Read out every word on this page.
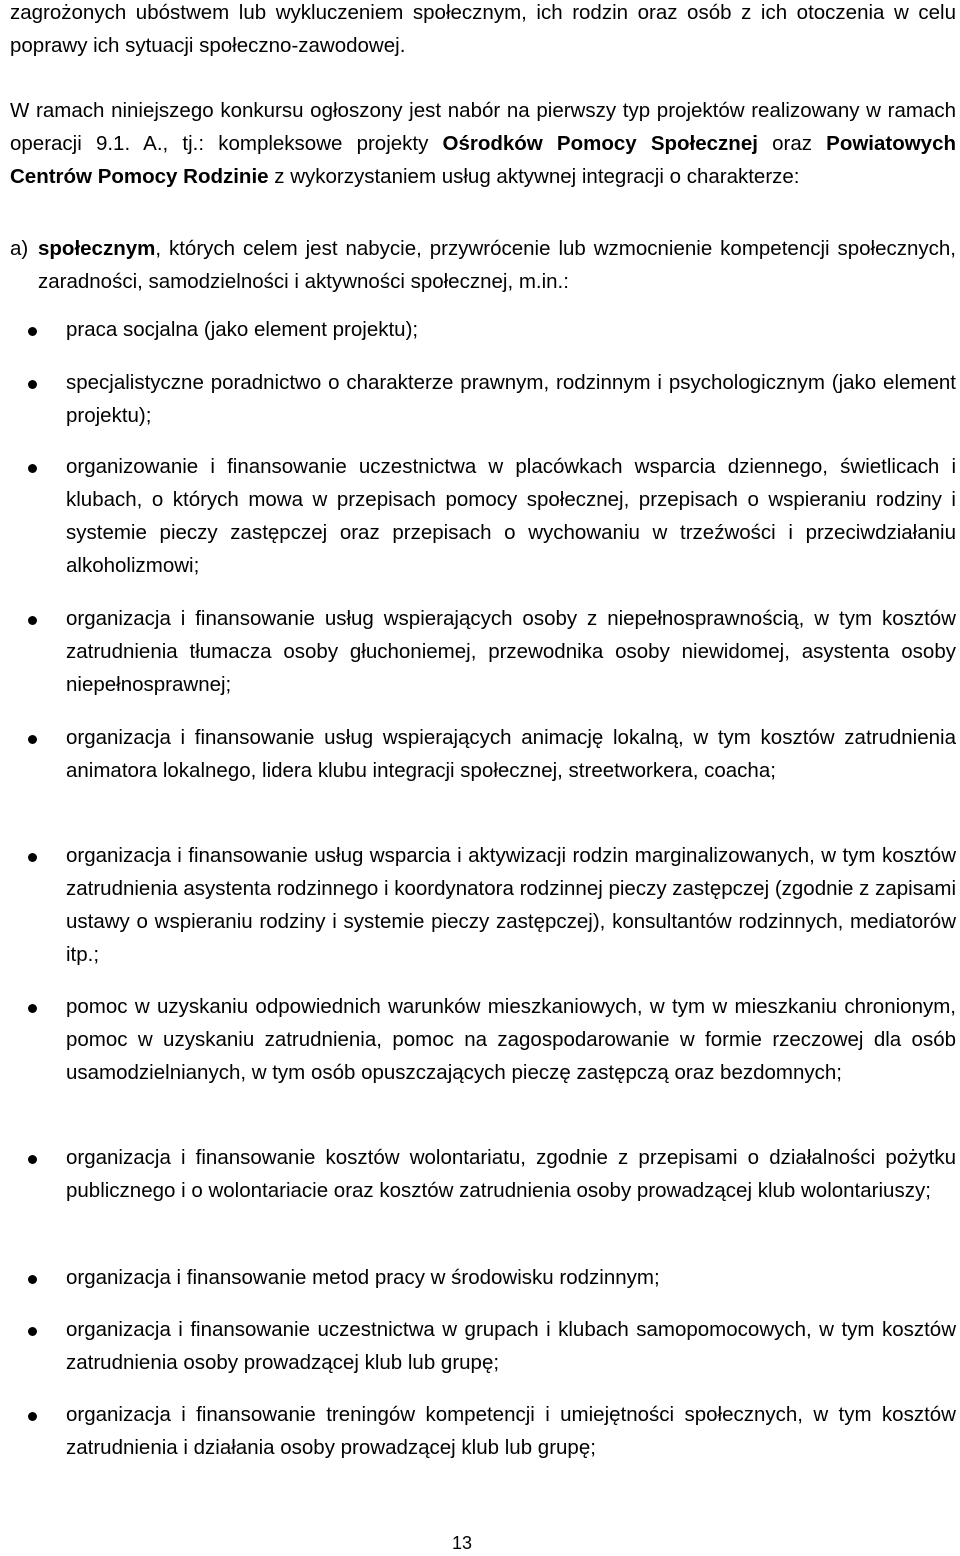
zagrożonych ubóstwem lub wykluczeniem społecznym, ich rodzin oraz osób z ich otoczenia w celu poprawy ich sytuacji społeczno-zawodowej.

W ramach niniejszego konkursu ogłoszony jest nabór na pierwszy typ projektów realizowany w ramach operacji 9.1. A., tj.: kompleksowe projekty Ośrodków Pomocy Społecznej oraz Powiatowych Centrów Pomocy Rodzinie z wykorzystaniem usług aktywnej integracji o charakterze:

a) społecznym, których celem jest nabycie, przywrócenie lub wzmocnienie kompetencji społecznych, zaradności, samodzielności i aktywności społecznej, m.in.:
praca socjalna (jako element projektu);
specjalistyczne poradnictwo o charakterze prawnym, rodzinnym i psychologicznym (jako element projektu);
organizowanie i finansowanie uczestnictwa w placówkach wsparcia dziennego, świetlicach i klubach, o których mowa w przepisach pomocy społecznej, przepisach o wspieraniu rodziny i systemie pieczy zastępczej oraz przepisach o wychowaniu w trzeźwości i przeciwdziałaniu alkoholizmowi;
organizacja i finansowanie usług wspierających osoby z niepełnosprawnością, w tym kosztów zatrudnienia tłumacza osoby głuchoniemej, przewodnika osoby niewidomej, asystenta osoby niepełnosprawnej;
organizacja i finansowanie usług wspierających animację lokalną, w tym kosztów zatrudnienia animatora lokalnego, lidera klubu integracji społecznej, streetworkera, coacha;
organizacja i finansowanie usług wsparcia i aktywizacji rodzin marginalizowanych, w tym kosztów zatrudnienia asystenta rodzinnego i koordynatora rodzinnej pieczy zastępczej (zgodnie z zapisami ustawy o wspieraniu rodziny i systemie pieczy zastępczej), konsultantów rodzinnych, mediatorów itp.;
pomoc w uzyskaniu odpowiednich warunków mieszkaniowych, w tym w mieszkaniu chronionym, pomoc w uzyskaniu zatrudnienia, pomoc na zagospodarowanie w formie rzeczowej dla osób usamodzielnianych, w tym osób opuszczających pieczę zastępczą oraz bezdomnych;
organizacja i finansowanie kosztów wolontariatu, zgodnie z przepisami o działalności pożytku publicznego i o wolontariacie oraz kosztów zatrudnienia osoby prowadzącej klub wolontariuszy;
organizacja i finansowanie metod pracy w środowisku rodzinnym;
organizacja i finansowanie uczestnictwa w grupach i klubach samopomocowych, w tym kosztów zatrudnienia osoby prowadzącej klub lub grupę;
organizacja i finansowanie treningów kompetencji i umiejętności społecznych, w tym kosztów zatrudnienia i działania osoby prowadzącej klub lub grupę;
13
